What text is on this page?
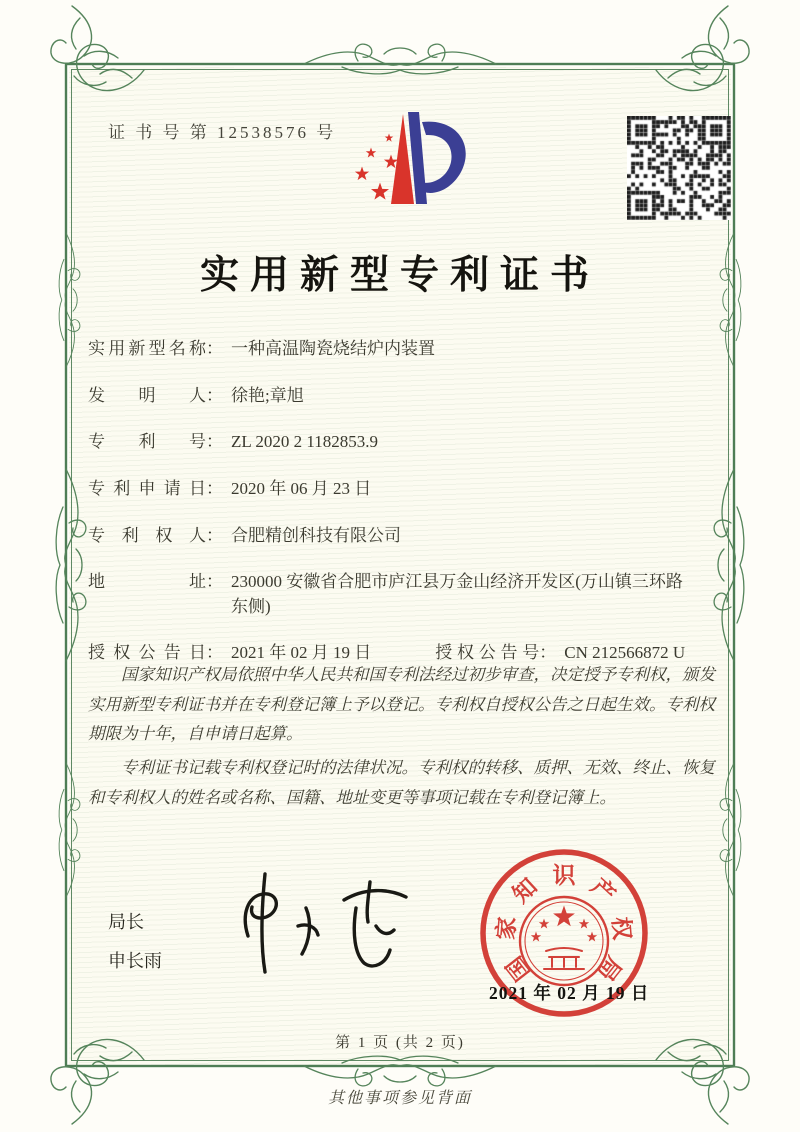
证 书 号 第 12538576 号
实用新型专利证书
实用新型名称 ： 一种高温陶瓷烧结炉内装置
发明人 ： 徐艳;章旭
专利号 ： ZL 2020 2 1182853.9
专利申请日 ： 2020 年 06 月 23 日
专利权人 ： 合肥精创科技有限公司
地址 ： 230000 安徽省合肥市庐江县万金山经济开发区(万山镇三环路东侧)
授权公告日 ： 2021 年 02 月 19 日	授权公告号 ： CN 212566872 U

国家知识产权局依照中华人民共和国专利法经过初步审查，决定授予专利权，颁发实用新型专利证书并在专利登记簿上予以登记。专利权自授权公告之日起生效。专利权期限为十年，自申请日起算。

专利证书记载专利权登记时的法律状况。专利权的转移、质押、无效、终止、恢复和专利权人的姓名或名称、国籍、地址变更等事项记载在专利登记簿上。

局长
申长雨	国
家
知 识 产
权
局
2021 年 02 月 19 日
第 1 页 (共 2 页)
其他事项参见背面
